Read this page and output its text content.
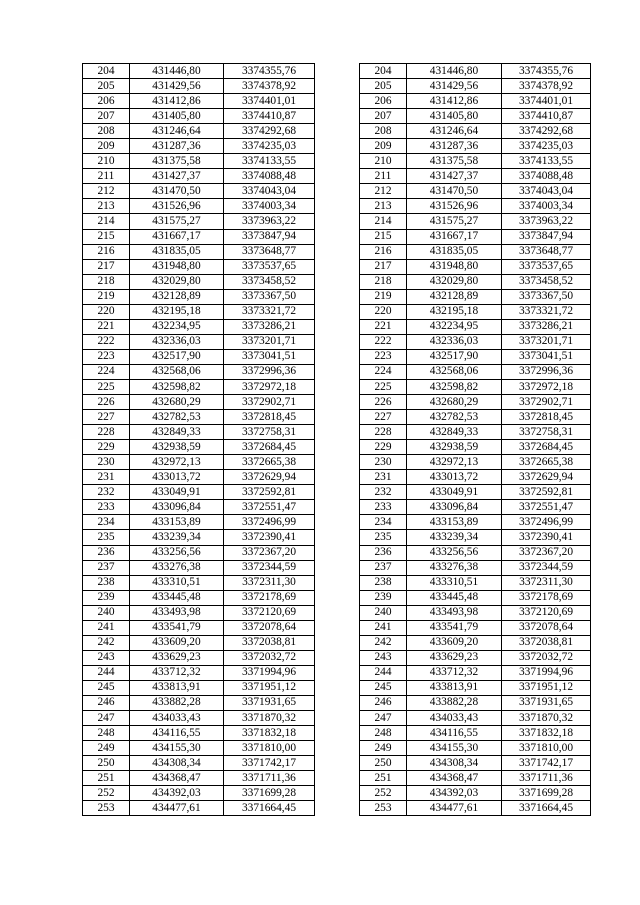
204	431446,80	3374355,76		204	431446,80	3374355,76
205	431429,56	3374378,92		205	431429,56	3374378,92
206	431412,86	3374401,01		206	431412,86	3374401,01
207	431405,80	3374410,87		207	431405,80	3374410,87
208	431246,64	3374292,68		208	431246,64	3374292,68
209	431287,36	3374235,03		209	431287,36	3374235,03
210	431375,58	3374133,55		210	431375,58	3374133,55
211	431427,37	3374088,48		211	431427,37	3374088,48
212	431470,50	3374043,04		212	431470,50	3374043,04
213	431526,96	3374003,34		213	431526,96	3374003,34
214	431575,27	3373963,22		214	431575,27	3373963,22
215	431667,17	3373847,94		215	431667,17	3373847,94
216	431835,05	3373648,77		216	431835,05	3373648,77
217	431948,80	3373537,65		217	431948,80	3373537,65
218	432029,80	3373458,52		218	432029,80	3373458,52
219	432128,89	3373367,50		219	432128,89	3373367,50
220	432195,18	3373321,72		220	432195,18	3373321,72
221	432234,95	3373286,21		221	432234,95	3373286,21
222	432336,03	3373201,71		222	432336,03	3373201,71
223	432517,90	3373041,51		223	432517,90	3373041,51
224	432568,06	3372996,36		224	432568,06	3372996,36
225	432598,82	3372972,18		225	432598,82	3372972,18
226	432680,29	3372902,71		226	432680,29	3372902,71
227	432782,53	3372818,45		227	432782,53	3372818,45
228	432849,33	3372758,31		228	432849,33	3372758,31
229	432938,59	3372684,45		229	432938,59	3372684,45
230	432972,13	3372665,38		230	432972,13	3372665,38
231	433013,72	3372629,94		231	433013,72	3372629,94
232	433049,91	3372592,81		232	433049,91	3372592,81
233	433096,84	3372551,47		233	433096,84	3372551,47
234	433153,89	3372496,99		234	433153,89	3372496,99
235	433239,34	3372390,41		235	433239,34	3372390,41
236	433256,56	3372367,20		236	433256,56	3372367,20
237	433276,38	3372344,59		237	433276,38	3372344,59
238	433310,51	3372311,30		238	433310,51	3372311,30
239	433445,48	3372178,69		239	433445,48	3372178,69
240	433493,98	3372120,69		240	433493,98	3372120,69
241	433541,79	3372078,64		241	433541,79	3372078,64
242	433609,20	3372038,81		242	433609,20	3372038,81
243	433629,23	3372032,72		243	433629,23	3372032,72
244	433712,32	3371994,96		244	433712,32	3371994,96
245	433813,91	3371951,12		245	433813,91	3371951,12
246	433882,28	3371931,65		246	433882,28	3371931,65
247	434033,43	3371870,32		247	434033,43	3371870,32
248	434116,55	3371832,18		248	434116,55	3371832,18
249	434155,30	3371810,00		249	434155,30	3371810,00
250	434308,34	3371742,17		250	434308,34	3371742,17
251	434368,47	3371711,36		251	434368,47	3371711,36
252	434392,03	3371699,28		252	434392,03	3371699,28
253	434477,61	3371664,45		253	434477,61	3371664,45
